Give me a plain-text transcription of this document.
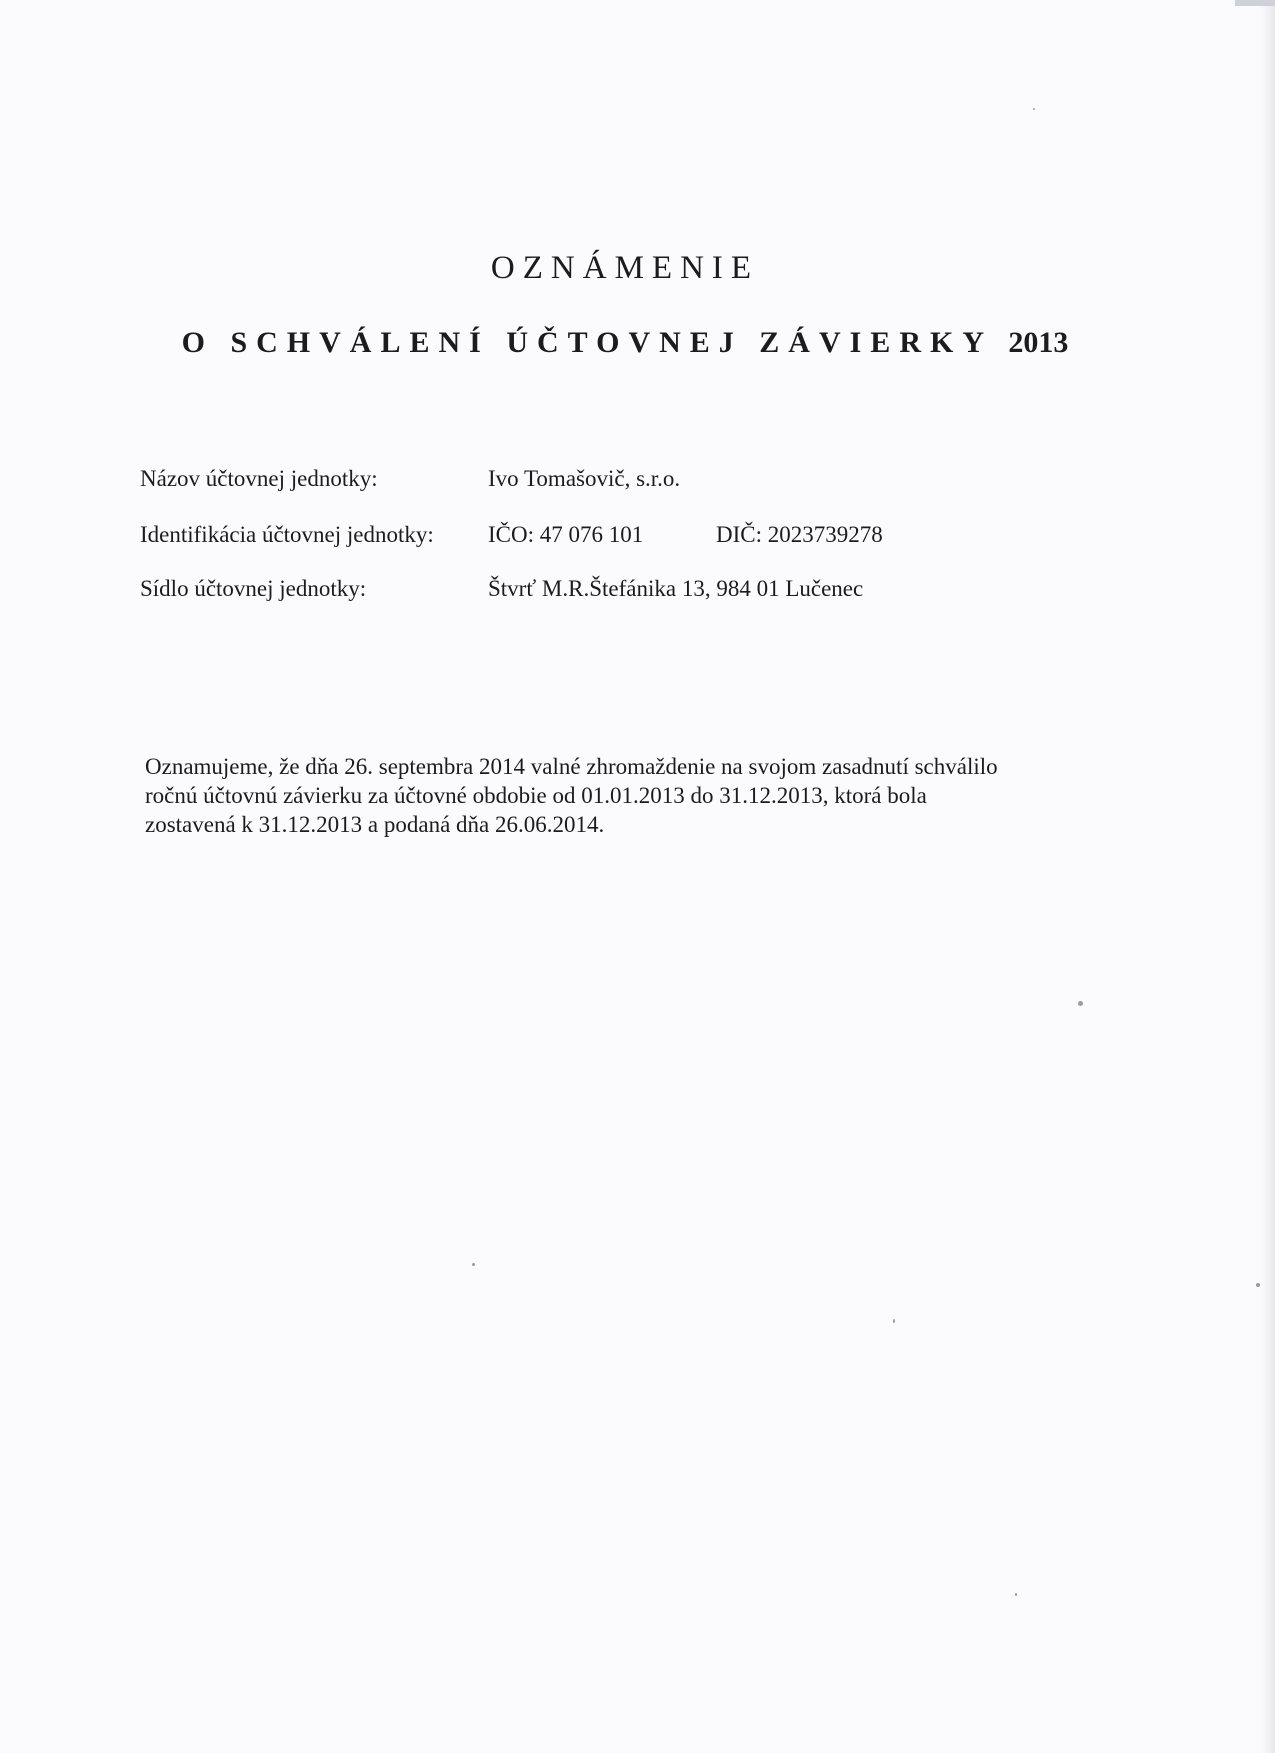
OZNÁMENIE
O SCHVÁLENÍ ÚČTOVNEJ ZÁVIERKY 2013
Názov účtovnej jednotky:	Ivo Tomašovič, s.r.o.
Identifikácia účtovnej jednotky: IČO: 47 076 101	DIČ: 2023739278
Sídlo účtovnej jednotky:	Štvrť M.R.Štefánika 13, 984 01 Lučenec

Oznamujeme, že dňa 26. septembra 2014 valné zhromaždenie na svojom zasadnutí schválilo
ročnú účtovnú závierku za účtovné obdobie od 01.01.2013 do 31.12.2013, ktorá bola
zostavená k 31.12.2013 a podaná dňa 26.06.2014.
